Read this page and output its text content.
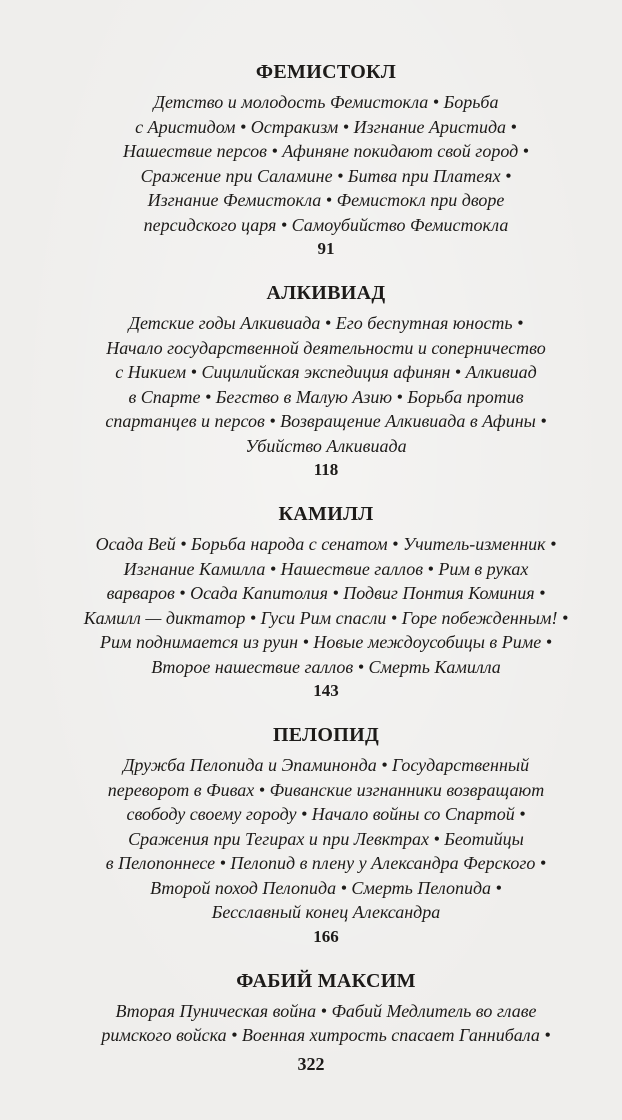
ФЕМИСТОКЛ
Детство и молодость Фемистокла • Борьба
с Аристидом • Остракизм • Изгнание Аристида •
Нашествие персов • Афиняне покидают свой город •
Сражение при Саламине • Битва при Платеях •
Изгнание Фемистокла • Фемистокл при дворе
персидского царя • Самоубийство Фемистокла
91
АЛКИВИАД
Детские годы Алкивиада • Его беспутная юность •
Начало государственной деятельности и соперничество
с Никием • Сицилийская экспедиция афинян • Алкивиад
в Спарте • Бегство в Малую Азию • Борьба против
спартанцев и персов • Возвращение Алкивиада в Афины •
Убийство Алкивиада
118
КАМИЛЛ
Осада Вей • Борьба народа с сенатом • Учитель-изменник •
Изгнание Камилла • Нашествие галлов • Рим в руках
варваров • Осада Капитолия • Подвиг Понтия Коминия •
Камилл — диктатор • Гуси Рим спасли • Горе побежденным! •
Рим поднимается из руин • Новые междоусобицы в Риме •
Второе нашествие галлов • Смерть Камилла
143
ПЕЛОПИД
Дружба Пелопида и Эпаминонда • Государственный
переворот в Фивах • Фиванские изгнанники возвращают
свободу своему городу • Начало войны со Спартой •
Сражения при Тегирах и при Левктрах • Беотийцы
в Пелопоннесе • Пелопид в плену у Александра Ферского •
Второй поход Пелопида • Смерть Пелопида •
Бесславный конец Александра
166
ФАБИЙ МАКСИМ
Вторая Пуническая война • Фабий Медлитель во главе
римского войска • Военная хитрость спасает Ганнибала •
322
